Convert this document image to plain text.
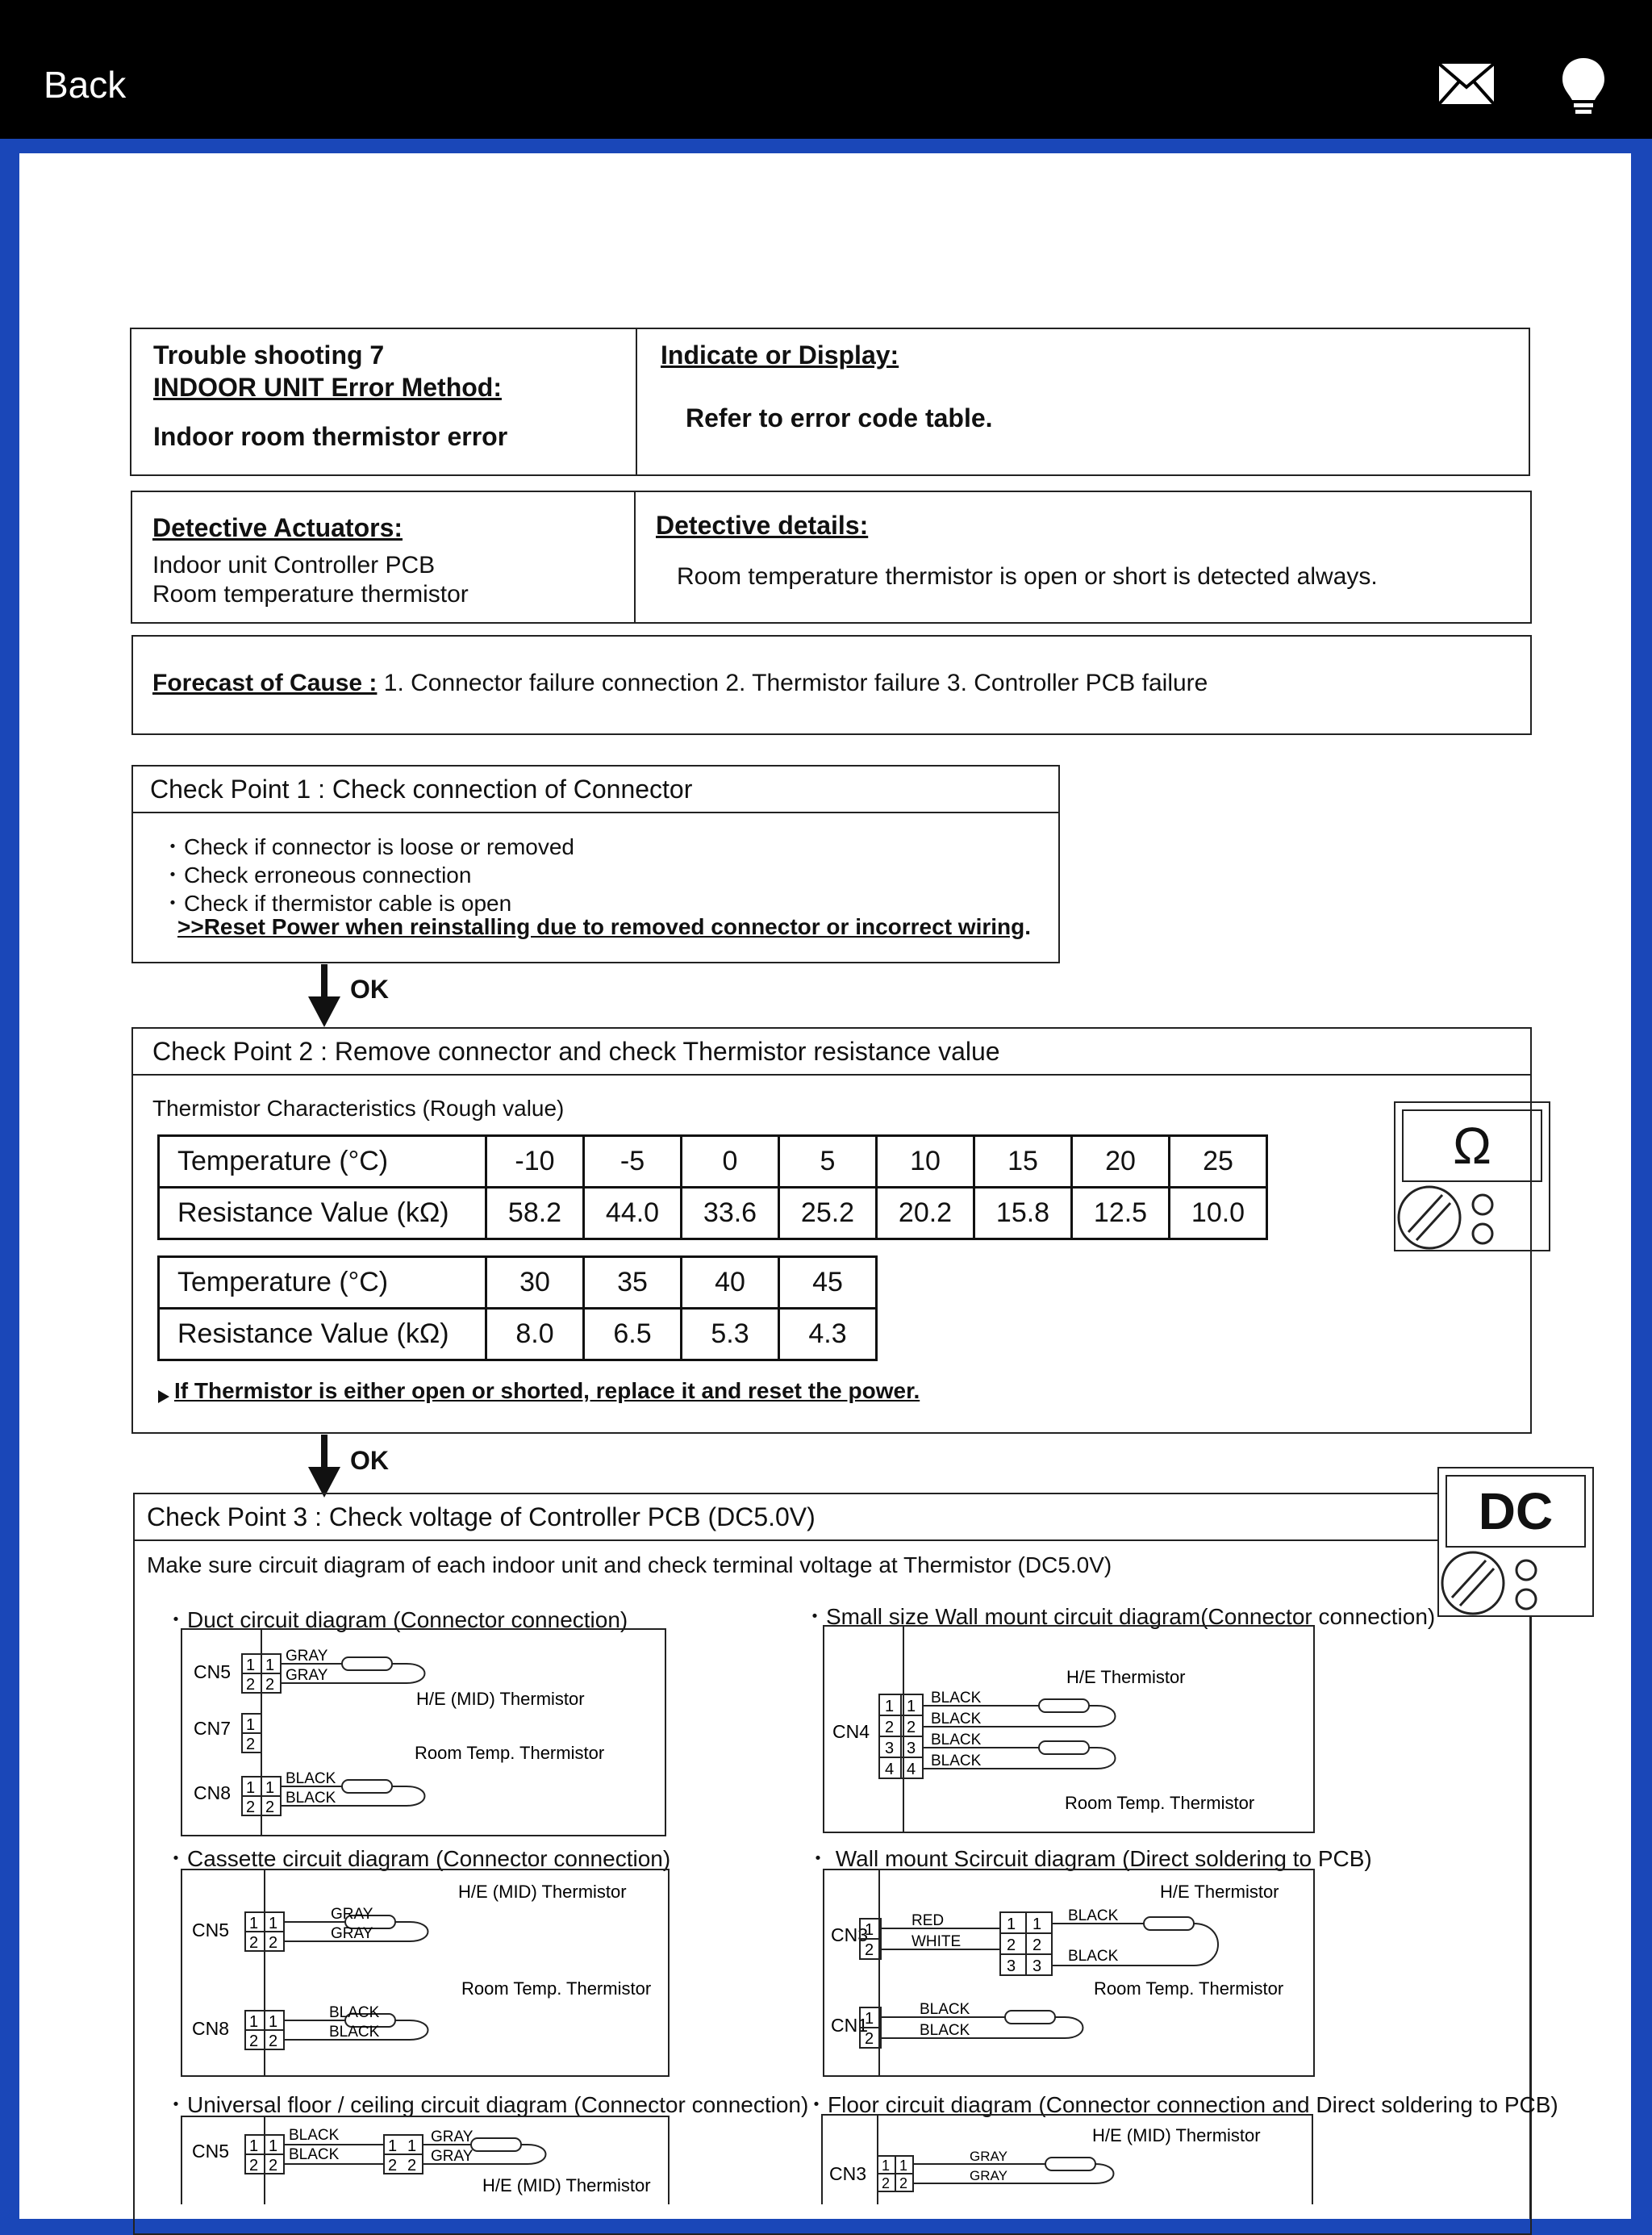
Back
Trouble shooting 7
INDOOR UNIT Error Method:
Indoor room thermistor error
Indicate or Display:
Refer to error code table.
Detective Actuators:
Indoor unit Controller PCB
Room temperature thermistor
Detective details:
Room temperature thermistor is open or short is detected always.
Forecast of Cause : 1. Connector failure connection 2. Thermistor failure 3. Controller PCB failure
Check Point 1 : Check connection of Connector
・Check if connector is loose or removed
・Check erroneous connection
・Check if thermistor cable is open
>>Reset Power when reinstalling due to removed connector or incorrect wiring.
OK
Check Point 2 : Remove connector and check Thermistor resistance value
Thermistor Characteristics (Rough value)
Temperature (°C)	-10	-5	0	5	10	15	20	25
Resistance Value (kΩ)	58.2	44.0	33.6	25.2	20.2	15.8	12.5	10.0
Temperature (°C)	30	35	40	45
Resistance Value (kΩ)	8.0	6.5	5.3	4.3
If Thermistor is either open or shorted, replace it and reset the power.
Ω
OK
Check Point 3 : Check voltage of Controller PCB (DC5.0V)
Make sure circuit diagram of each indoor unit and check terminal voltage at Thermistor (DC5.0V)
DC
・Duct circuit diagram (Connector connection)	・Small size Wall mount circuit diagram(Connector connection)
・Cassette circuit diagram (Connector connection)	・ Wall mount Scircuit diagram (Direct soldering to PCB)
・Universal floor / ceiling circuit diagram (Connector connection)
・Floor circuit diagram (Connector connection and Direct soldering to PCB)
CN5 1 1
2 2
GRAY
GRAY
H/E (MID) Thermistor
CN7 1
2	Room Temp. Thermistor
CN8 1 1
2 2
BLACK
BLACK
CN4
1 1
2 2
3 3
4 4
BLACK
BLACK
BLACK
BLACK
H/E Thermistor
Room Temp. Thermistor
CN5 1 1
2 2
GRAY
GRAY
H/E (MID) Thermistor
Room Temp. Thermistor
CN8 1 1
2 2
BLACK
BLACK
CN3
1
2
RED
WHITE
1 1
2 2
3 3
BLACK
BLACK
H/E Thermistor
Room Temp. Thermistor
CN1
1
2
BLACK
BLACK
CN5 1 1
2 2
BLACK
BLACK	1 1
2 2
GRAY
GRAY
H/E (MID) Thermistor
CN3 1 1
2 2
GRAY
GRAY
H/E (MID) Thermistor
